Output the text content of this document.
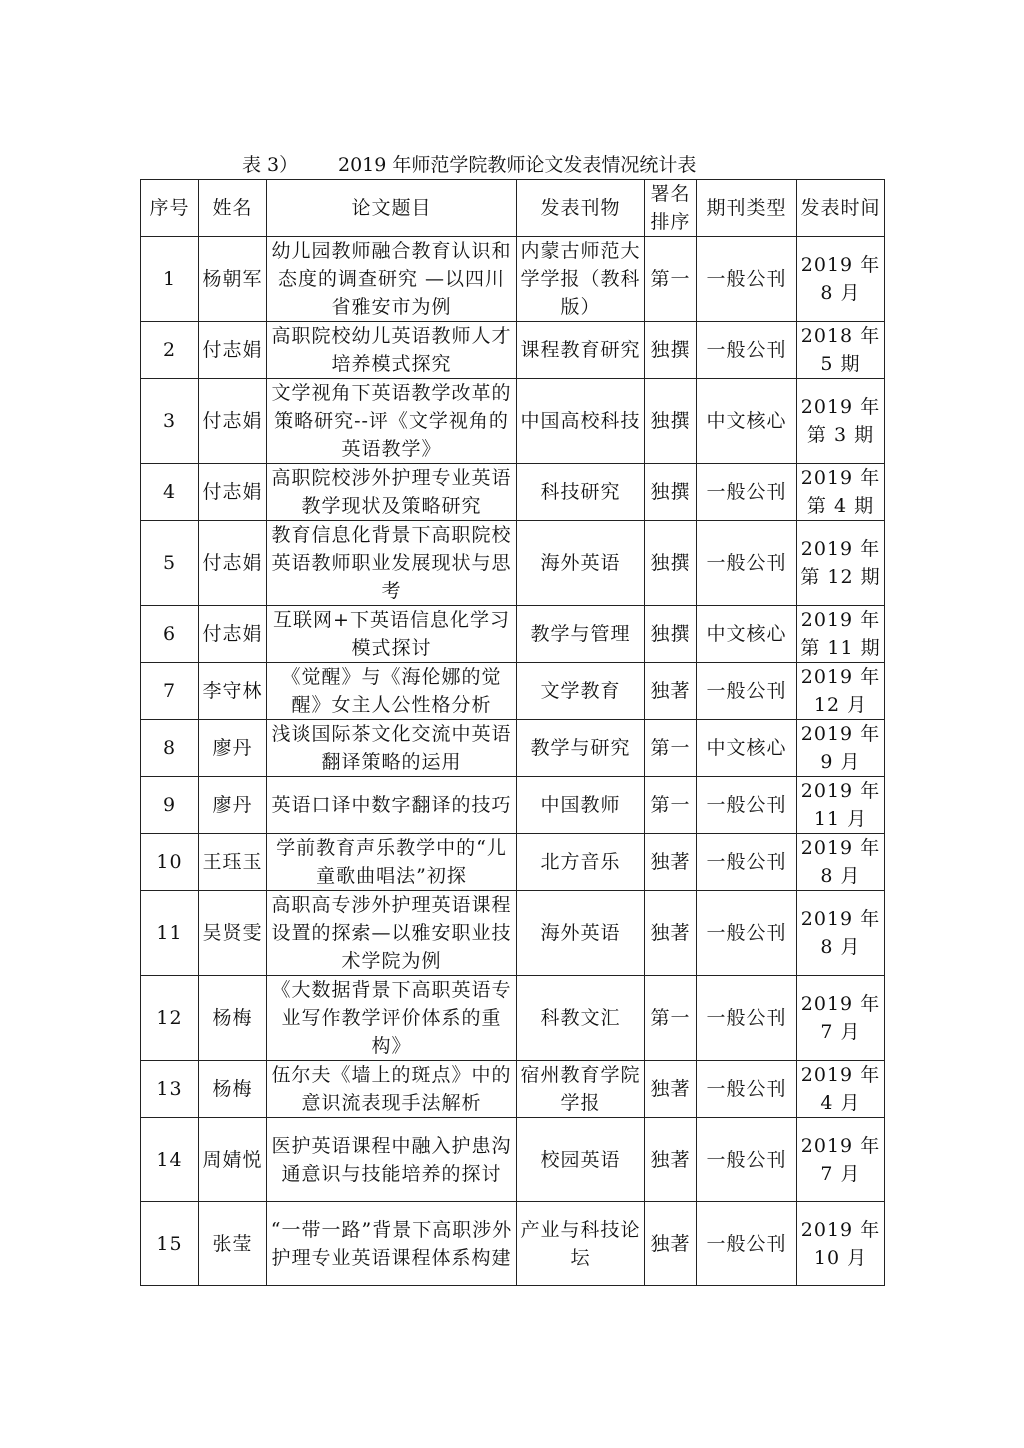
表 3） 2019 年师范学院教师论文发表情况统计表
序号	姓名	论文题目	发表刊物	署名排序	期刊类型	发表时间
1	杨朝军	幼儿园教师融合教育认识和态度的调查研究 —以四川省雅安市为例	内蒙古师范大学学报（教科版）	第一	一般公刊	2019 年 8 月
2	付志娟	高职院校幼儿英语教师人才培养模式探究	课程教育研究	独撰	一般公刊	2018 年 5 期
3	付志娟	文学视角下英语教学改革的策略研究--评《文学视角的英语教学》	中国高校科技	独撰	中文核心	2019 年第 3 期
4	付志娟	高职院校涉外护理专业英语教学现状及策略研究	科技研究	独撰	一般公刊	2019 年第 4 期
5	付志娟	教育信息化背景下高职院校英语教师职业发展现状与思考	海外英语	独撰	一般公刊	2019 年第 12 期
6	付志娟	互联网+下英语信息化学习模式探讨	教学与管理	独撰	中文核心	2019 年第 11 期
7	李守林	《觉醒》与《海伦娜的觉醒》女主人公性格分析	文学教育	独著	一般公刊	2019 年 12 月
8	廖丹	浅谈国际茶文化交流中英语翻译策略的运用	教学与研究	第一	中文核心	2019 年 9 月
9	廖丹	英语口译中数字翻译的技巧	中国教师	第一	一般公刊	2019 年 11 月
10	王珏玉	学前教育声乐教学中的“儿童歌曲唱法”初探	北方音乐	独著	一般公刊	2019 年 8 月
11	吴贤雯	高职高专涉外护理英语课程设置的探索—以雅安职业技术学院为例	海外英语	独著	一般公刊	2019 年 8 月
12	杨梅	《大数据背景下高职英语专业写作教学评价体系的重构》	科教文汇	第一	一般公刊	2019 年 7 月
13	杨梅	伍尔夫《墙上的斑点》中的意识流表现手法解析	宿州教育学院学报	独著	一般公刊	2019 年 4 月
14	周婧悦	医护英语课程中融入护患沟通意识与技能培养的探讨	校园英语	独著	一般公刊	2019 年 7 月
15	张莹	“一带一路”背景下高职涉外护理专业英语课程体系构建	产业与科技论坛	独著	一般公刊	2019 年 10 月
